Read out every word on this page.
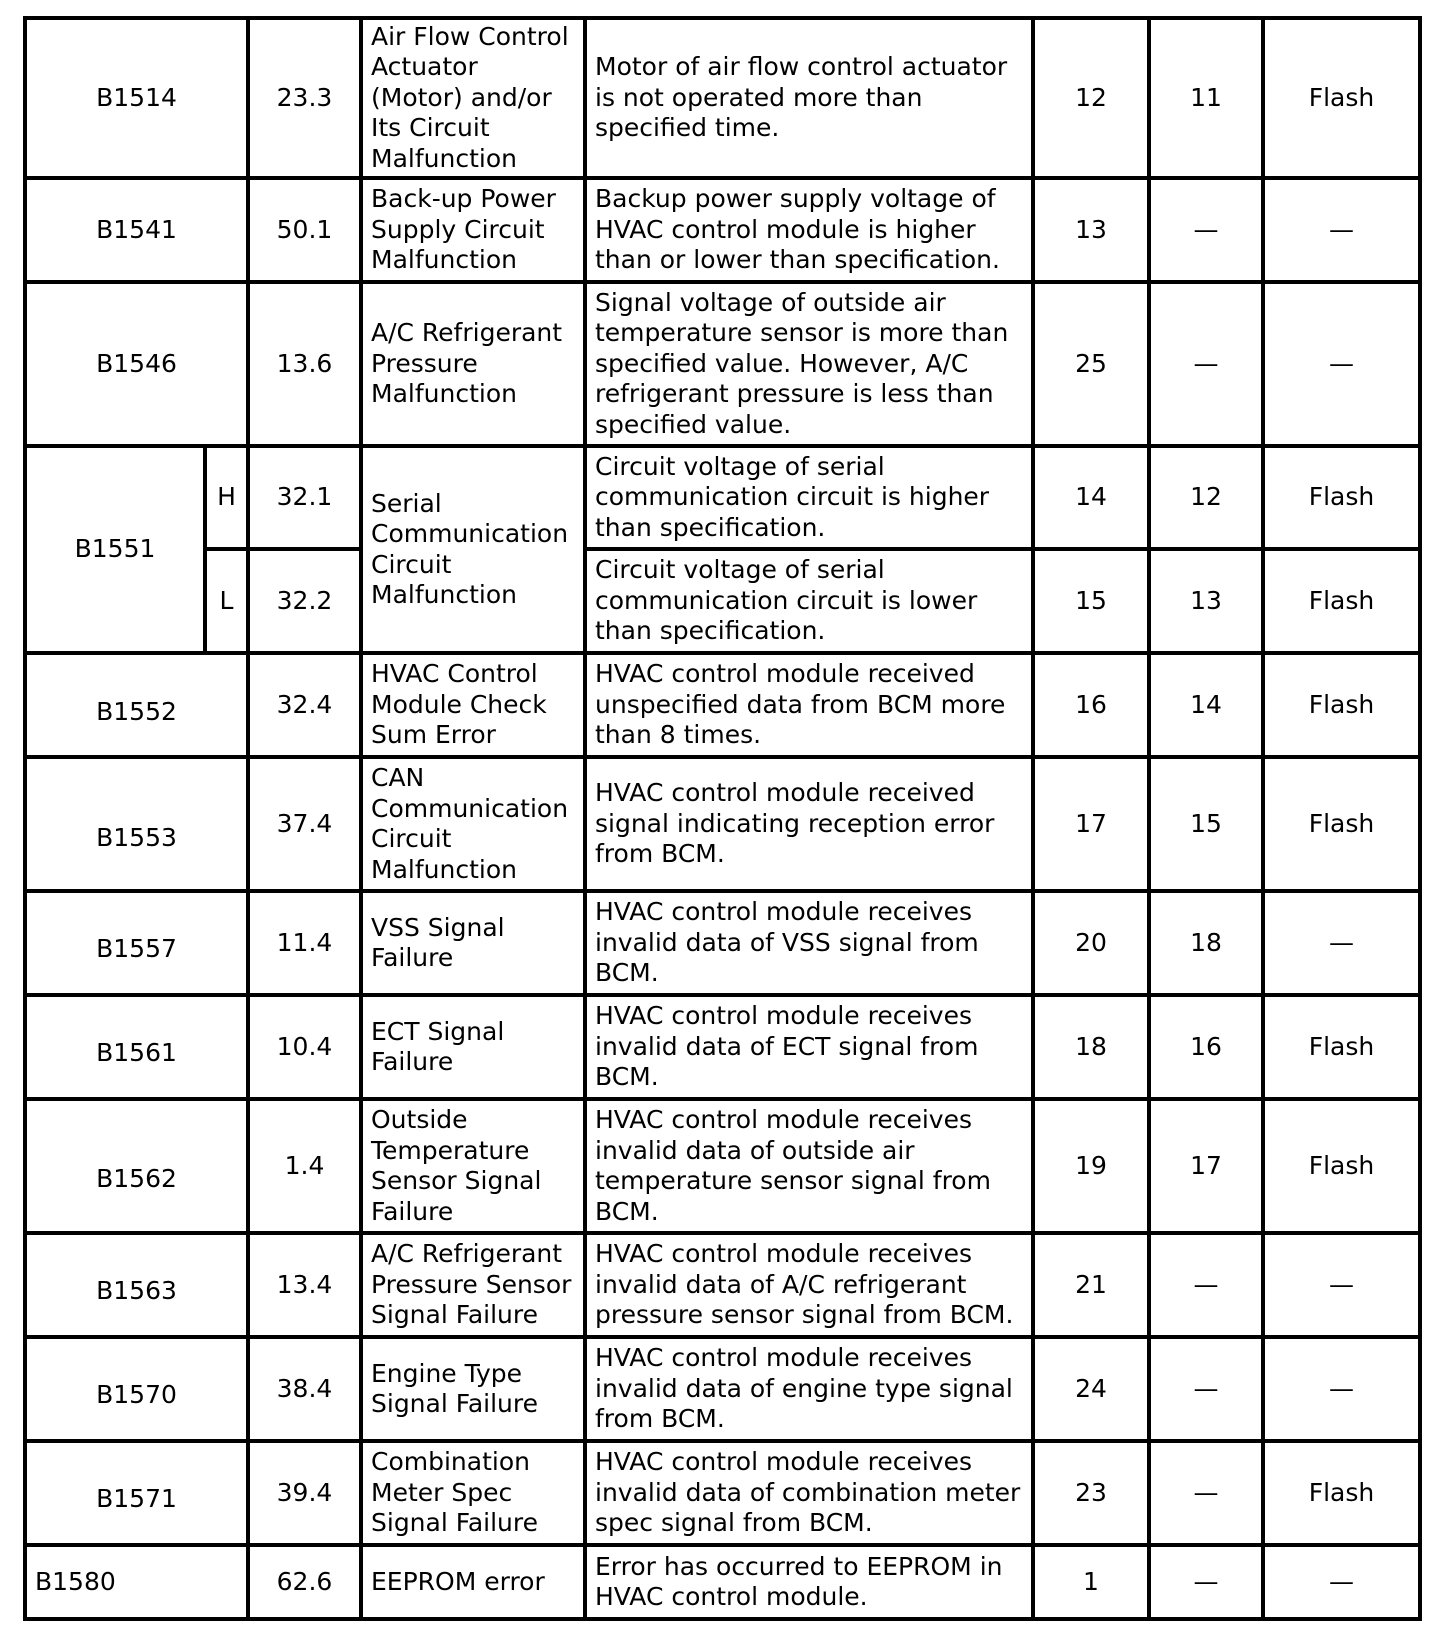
B1514		23.3	Air Flow Control Actuator (Motor) and/or Its Circuit Malfunction	Motor of air flow control actuator is not operated more than specified time.	12	11	Flash
B1541		50.1	Back-up Power Supply Circuit Malfunction	Backup power supply voltage of HVAC control module is higher than or lower than specification.	13	—	—
B1546		13.6	A/C Refrigerant Pressure Malfunction	Signal voltage of outside air temperature sensor is more than specified value. However, A/C refrigerant pressure is less than specified value.	25	—	—
B1551	H	32.1	Serial Communication Circuit Malfunction	Circuit voltage of serial communication circuit is higher than specification.	14	12	Flash
	L	32.2		Circuit voltage of serial communication circuit is lower than specification.	15	13	Flash
B1552		32.4	HVAC Control Module Check Sum Error	HVAC control module received unspecified data from BCM more than 8 times.	16	14	Flash
B1553		37.4	CAN Communication Circuit Malfunction	HVAC control module received signal indicating reception error from BCM.	17	15	Flash
B1557		11.4	VSS Signal Failure	HVAC control module receives invalid data of VSS signal from BCM.	20	18	—
B1561		10.4	ECT Signal Failure	HVAC control module receives invalid data of ECT signal from BCM.	18	16	Flash
B1562		1.4	Outside Temperature Sensor Signal Failure	HVAC control module receives invalid data of outside air temperature sensor signal from BCM.	19	17	Flash
B1563		13.4	A/C Refrigerant Pressure Sensor Signal Failure	HVAC control module receives invalid data of A/C refrigerant pressure sensor signal from BCM.	21	—	—
B1570		38.4	Engine Type Signal Failure	HVAC control module receives invalid data of engine type signal from BCM.	24	—	—
B1571		39.4	Combination Meter Spec Signal Failure	HVAC control module receives invalid data of combination meter spec signal from BCM.	23	—	Flash
B1580		62.6	EEPROM error	Error has occurred to EEPROM in HVAC control module.	1	—	—
